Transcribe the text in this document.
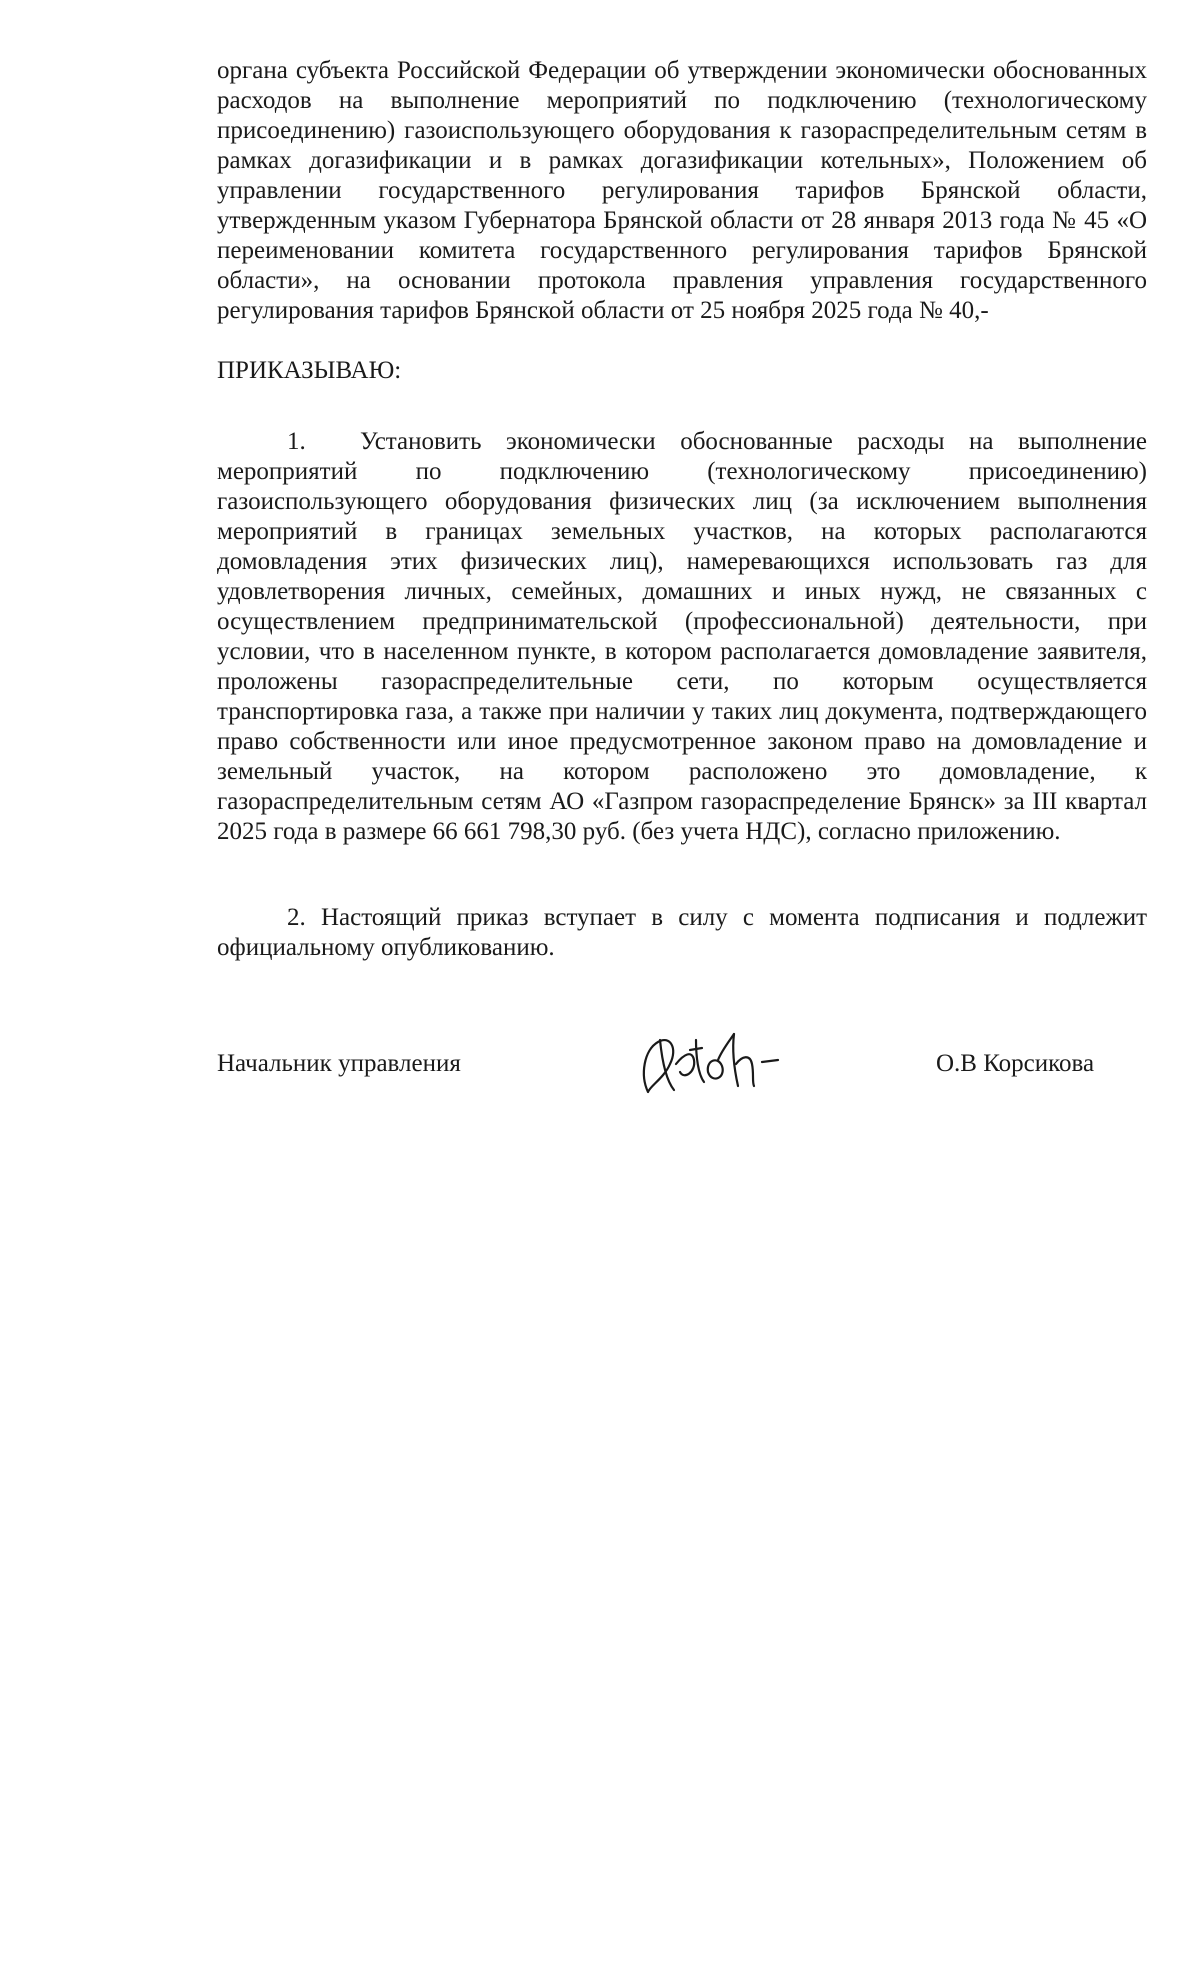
органа субъекта Российской Федерации об утверждении экономически обоснованных расходов на выполнение мероприятий по подключению (технологическому присоединению) газоиспользующего оборудования к газораспределительным сетям в рамках догазификации и в рамках догазификации котельных», Положением об управлении государственного регулирования тарифов Брянской области, утвержденным указом Губернатора Брянской области от 28 января 2013 года № 45 «О переименовании комитета государственного регулирования тарифов Брянской области», на основании протокола правления управления государственного регулирования тарифов Брянской области от 25 ноября 2025 года № 40,-
ПРИКАЗЫВАЮ:
1. Установить экономически обоснованные расходы на выполнение мероприятий по подключению (технологическому присоединению) газоиспользующего оборудования физических лиц (за исключением выполнения мероприятий в границах земельных участков, на которых располагаются домовладения этих физических лиц), намеревающихся использовать газ для удовлетворения личных, семейных, домашних и иных нужд, не связанных с осуществлением предпринимательской (профессиональной) деятельности, при условии, что в населенном пункте, в котором располагается домовладение заявителя, проложены газораспределительные сети, по которым осуществляется транспортировка газа, а также при наличии у таких лиц документа, подтверждающего право собственности или иное предусмотренное законом право на домовладение и земельный участок, на котором расположено это домовладение, к газораспределительным сетям АО «Газпром газораспределение Брянск» за III квартал 2025 года в размере 66 661 798,30 руб. (без учета НДС), согласно приложению.
2. Настоящий приказ вступает в силу с момента подписания и подлежит официальному опубликованию.
Начальник управления	О.В Корсикова
